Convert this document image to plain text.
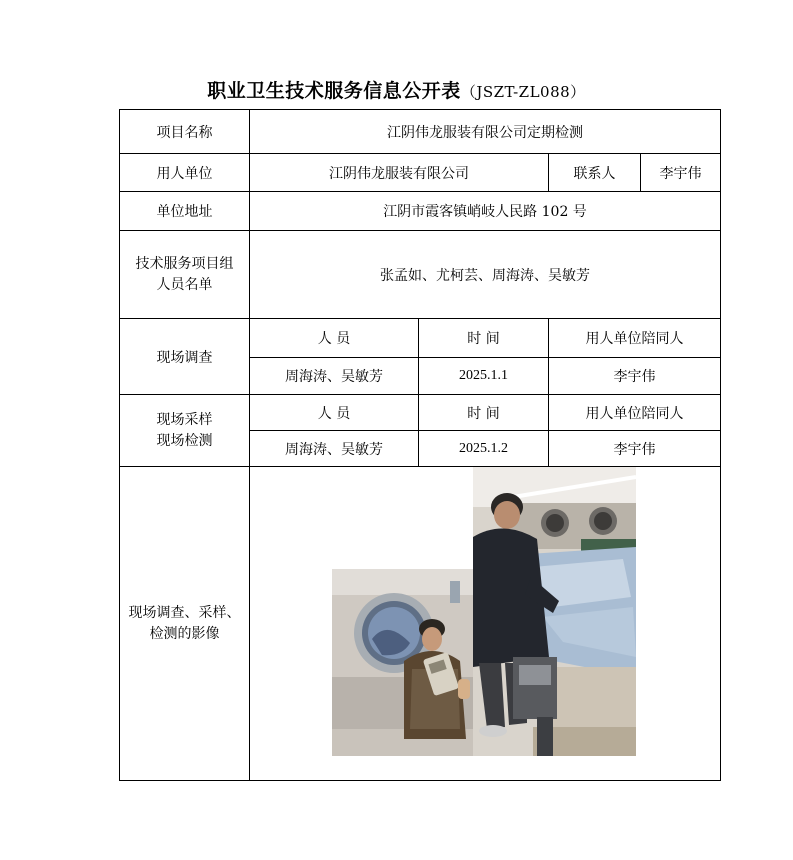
职业卫生技术服务信息公开表（JSZT-ZL088）
项目名称	江阴伟龙服装有限公司定期检测			
用人单位	江阴伟龙服装有限公司		联系人	李宇伟
单位地址	江阴市霞客镇峭岐人民路 102 号			
技术服务项目组人员名单	张孟如、尤柯芸、周海涛、吴敏芳			
现场调查	人 员	时 间	用人单位陪同人	
	周海涛、吴敏芳	2025.1.1	李宇伟	
现场采样现场检测	人 员	时 间	用人单位陪同人	
	周海涛、吴敏芳	2025.1.2	李宇伟	
现场调查、采样、检测的影像	
